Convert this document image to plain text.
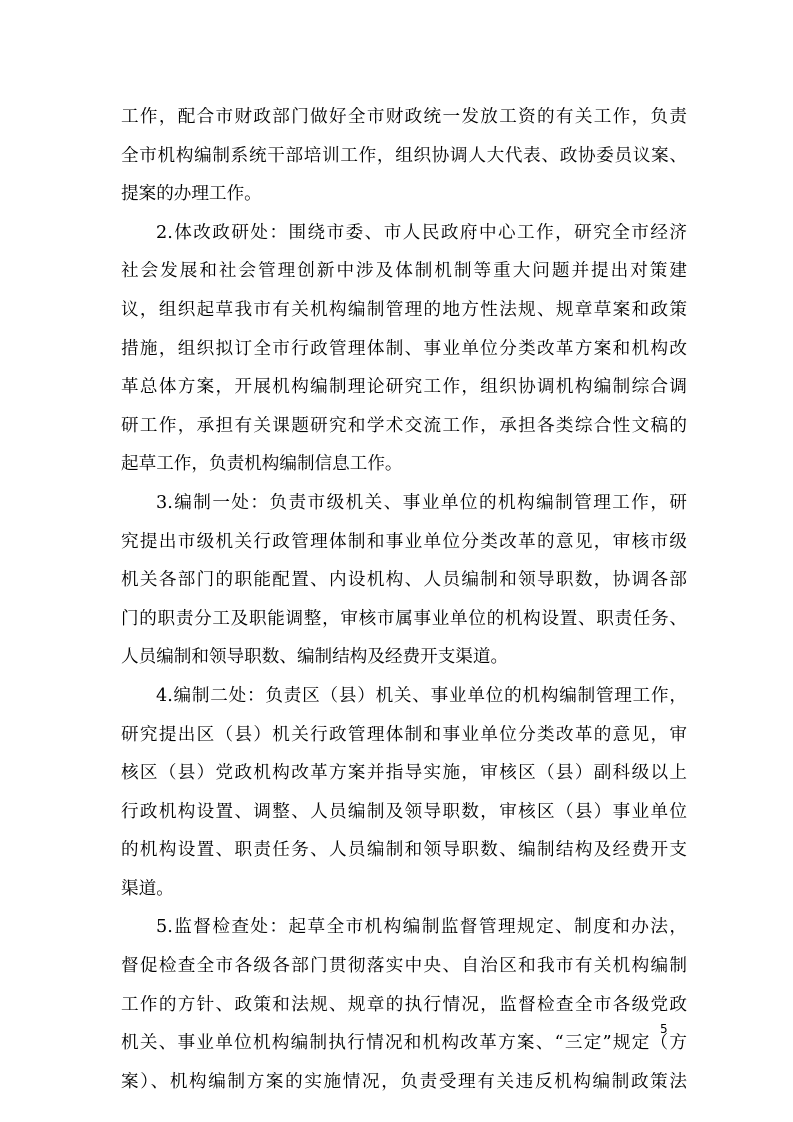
工作，配合市财政部门做好全市财政统一发放工资的有关工作，负责
全市机构编制系统干部培训工作，组织协调人大代表、政协委员议案、
提案的办理工作。

2.体改政研处：围绕市委、市人民政府中心工作，研究全市经济
社会发展和社会管理创新中涉及体制机制等重大问题并提出对策建
议，组织起草我市有关机构编制管理的地方性法规、规章草案和政策
措施，组织拟订全市行政管理体制、事业单位分类改革方案和机构改
革总体方案，开展机构编制理论研究工作，组织协调机构编制综合调
研工作，承担有关课题研究和学术交流工作，承担各类综合性文稿的
起草工作，负责机构编制信息工作。

3.编制一处：负责市级机关、事业单位的机构编制管理工作，研
究提出市级机关行政管理体制和事业单位分类改革的意见，审核市级
机关各部门的职能配置、内设机构、人员编制和领导职数，协调各部
门的职责分工及职能调整，审核市属事业单位的机构设置、职责任务、
人员编制和领导职数、编制结构及经费开支渠道。

4.编制二处：负责区（县）机关、事业单位的机构编制管理工作，
研究提出区（县）机关行政管理体制和事业单位分类改革的意见，审
核区（县）党政机构改革方案并指导实施，审核区（县）副科级以上
行政机构设置、调整、人员编制及领导职数，审核区（县）事业单位
的机构设置、职责任务、人员编制和领导职数、编制结构及经费开支
渠道。

5.监督检查处：起草全市机构编制监督管理规定、制度和办法，
督促检查全市各级各部门贯彻落实中央、自治区和我市有关机构编制
工作的方针、政策和法规、规章的执行情况，监督检查全市各级党政
机关、事业单位机构编制执行情况和机构改革方案、“三定”规定（方
案）、机构编制方案的实施情况，负责受理有关违反机构编制政策法

5
